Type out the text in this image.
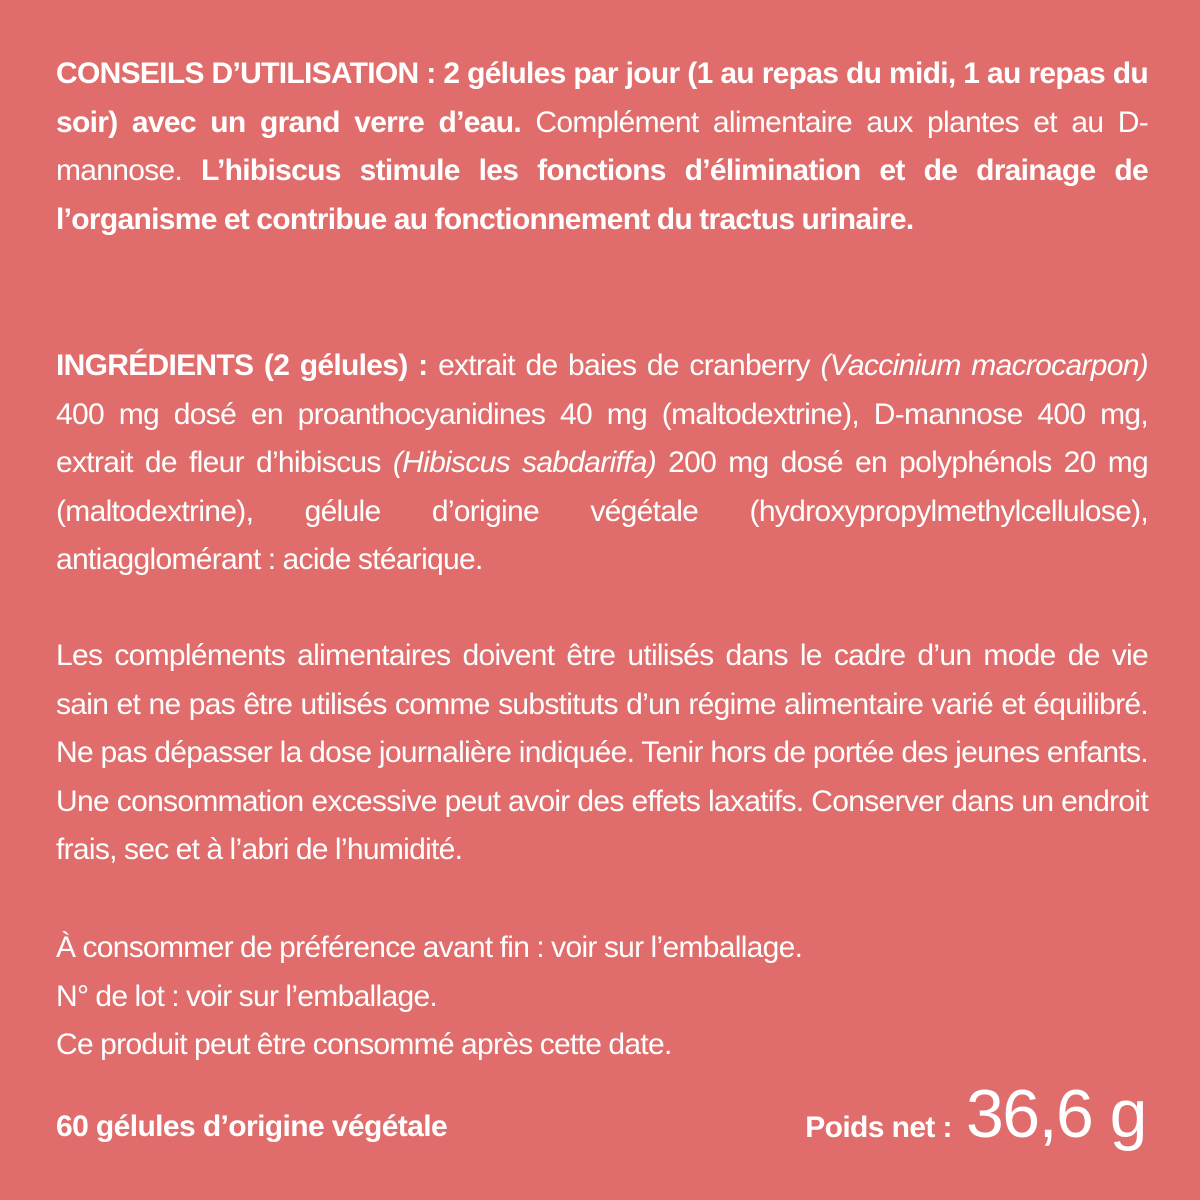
CONSEILS D’UTILISATION : 2 gélules par jour (1 au repas du midi, 1 au repas du soir) avec un grand verre d’eau. Complément alimentaire aux plantes et au D-mannose. L’hibiscus stimule les fonctions d’élimination et de drainage de l’organisme et contribue au fonctionnement du tractus urinaire.

INGRÉDIENTS (2 gélules) : extrait de baies de cranberry (Vaccinium macrocarpon) 400 mg dosé en proanthocyanidines 40 mg (maltodextrine), D-mannose 400 mg, extrait de fleur d’hibiscus (Hibiscus sabdariffa) 200 mg dosé en polyphénols 20 mg (maltodextrine), gélule d’origine végétale (hydroxypropylmethylcellulose), antiagglomérant : acide stéarique.

Les compléments alimentaires doivent être utilisés dans le cadre d’un mode de vie sain et ne pas être utilisés comme substituts d’un régime alimentaire varié et équilibré. Ne pas dépasser la dose journalière indiquée. Tenir hors de portée des jeunes enfants. Une consommation excessive peut avoir des effets laxatifs. Conserver dans un endroit frais, sec et à l’abri de l’humidité.

À consommer de préférence avant fin : voir sur l’emballage.
N° de lot : voir sur l’emballage.
Ce produit peut être consommé après cette date.

60 gélules d’origine végétale	Poids net : 36,6 g
